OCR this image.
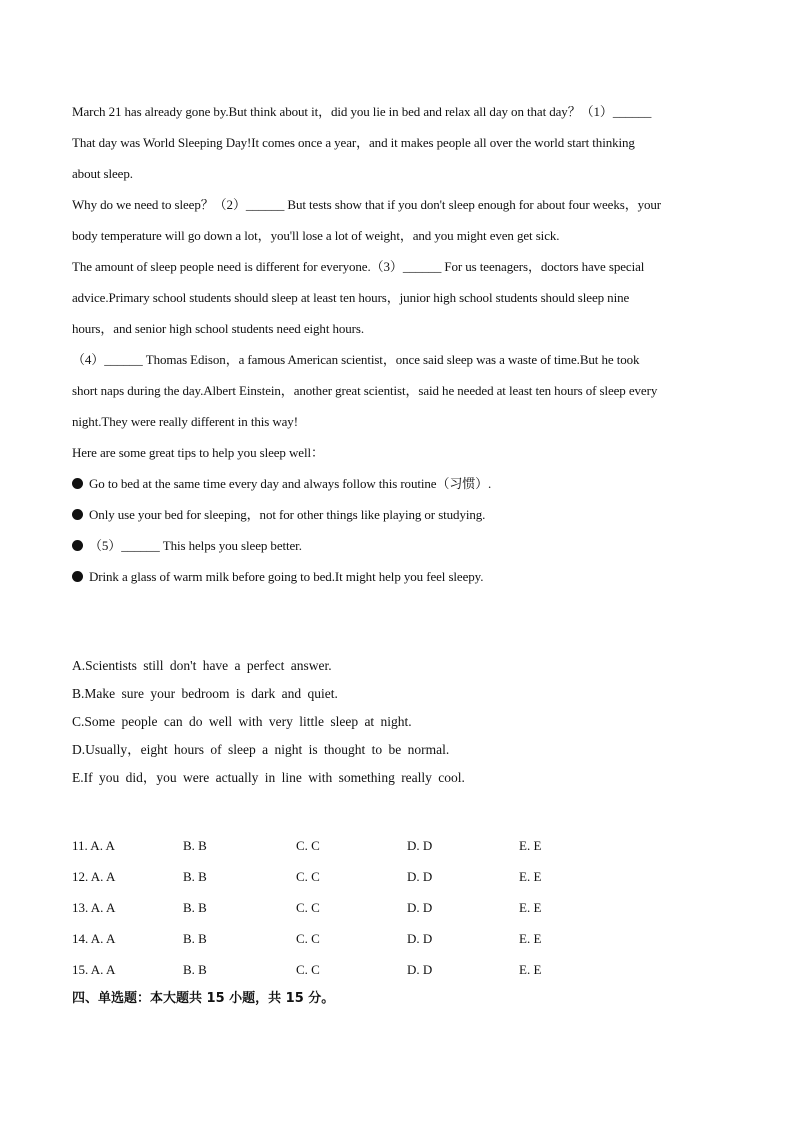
March 21 has already gone by.But think about it，did you lie in bed and relax all day on that day？（1）______

That day was World Sleeping Day!It comes once a year，and it makes people all over the world start thinking

about sleep.

Why do we need to sleep？（2）______ But tests show that if you don't sleep enough for about four weeks，your

body temperature will go down a lot，you'll lose a lot of weight，and you might even get sick.

The amount of sleep people need is different for everyone.（3）______ For us teenagers，doctors have special

advice.Primary school students should sleep at least ten hours，junior high school students should sleep nine

hours，and senior high school students need eight hours.

（4）______ Thomas Edison，a famous American scientist，once said sleep was a waste of time.But he took

short naps during the day.Albert Einstein，another great scientist，said he needed at least ten hours of sleep every

night.They were really different in this way!

Here are some great tips to help you sleep well：

Go to bed at the same time every day and always follow this routine（习惯）.

Only use your bed for sleeping，not for other things like playing or studying.

（5）______ This helps you sleep better.

Drink a glass of warm milk before going to bed.It might help you feel sleepy.

A.Scientists still don't have a perfect answer.

B.Make sure your bedroom is dark and quiet.

C.Some people can do well with very little sleep at night.

D.Usually，eight hours of sleep a night is thought to be normal.

E.If you did，you were actually in line with something really cool.

11. A. A	B. B	C. C	D. D	E. E
12. A. A	B. B	C. C	D. D	E. E
13. A. A	B. B	C. C	D. D	E. E
14. A. A	B. B	C. C	D. D	E. E
15. A. A	B. B	C. C	D. D	E. E

四、单选题：本大题共 15 小题，共 15 分。
